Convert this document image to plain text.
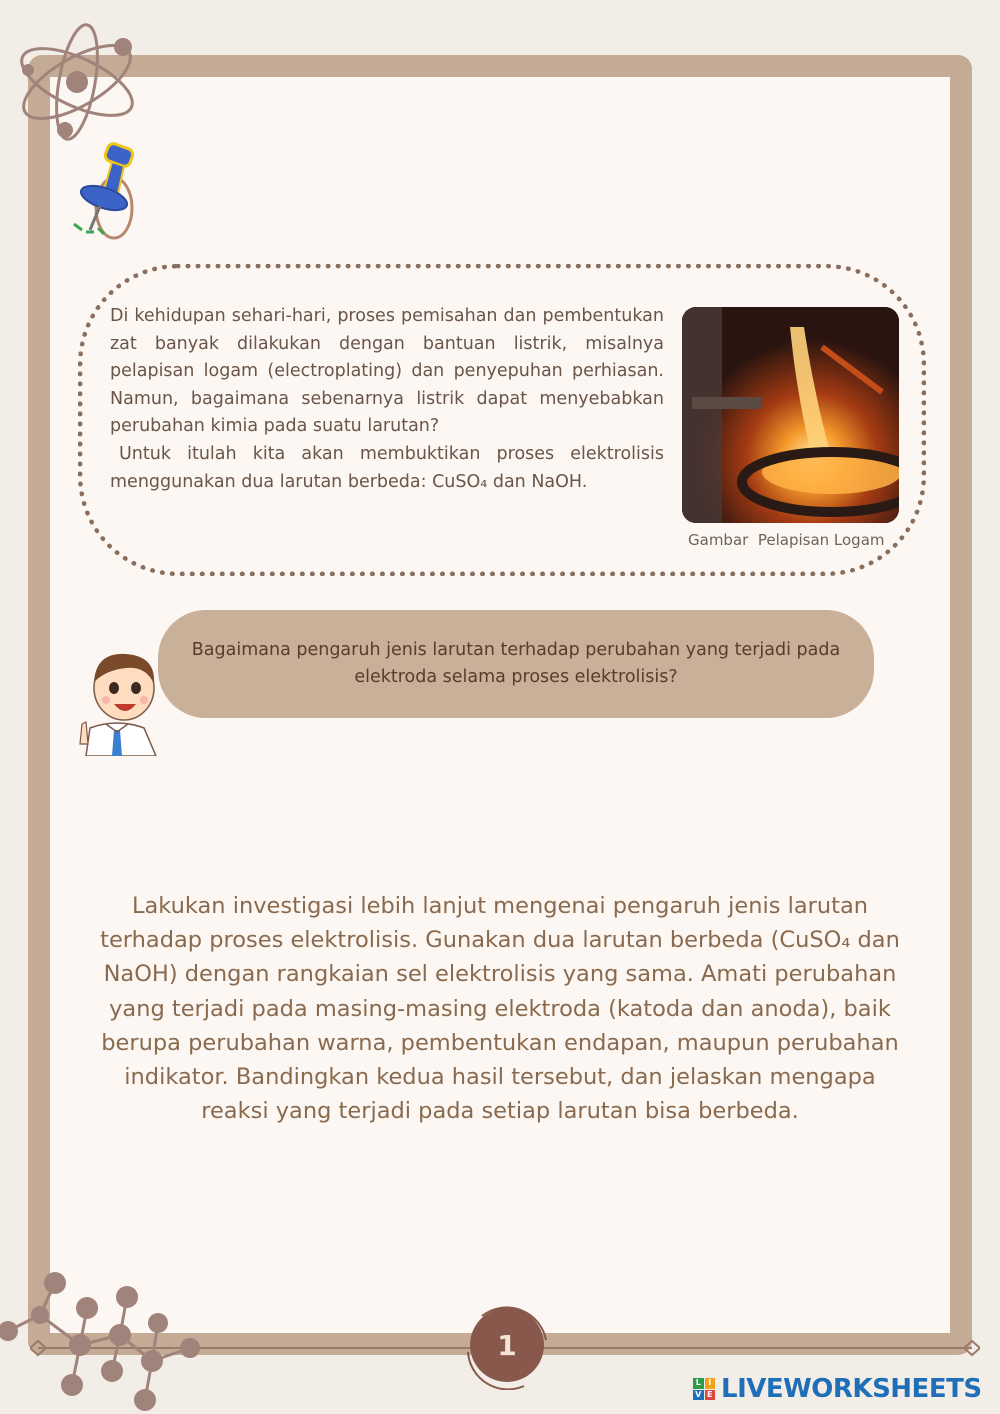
Di kehidupan sehari-hari, proses pemisahan dan pembentukan zat banyak dilakukan dengan bantuan listrik, misalnya pelapisan logam (electroplating) dan penyepuhan perhiasan. Namun, bagaimana sebenarnya listrik dapat menyebabkan perubahan kimia pada suatu larutan?

Untuk itulah kita akan membuktikan proses elektrolisis menggunakan dua larutan berbeda: CuSO₄ dan NaOH.

Gambar  Pelapisan Logam
Bagaimana pengaruh jenis larutan terhadap perubahan yang terjadi pada elektroda selama proses elektrolisis?
Lakukan investigasi lebih lanjut mengenai pengaruh jenis larutan terhadap proses elektrolisis. Gunakan dua larutan berbeda (CuSO₄ dan NaOH) dengan rangkaian sel elektrolisis yang sama. Amati perubahan yang terjadi pada masing-masing elektroda (katoda dan anoda), baik berupa perubahan warna, pembentukan endapan, maupun perubahan indikator. Bandingkan kedua hasil tersebut, dan jelaskan mengapa reaksi yang terjadi pada setiap larutan bisa berbeda.
1
L I
V E LIVEWORKSHEETS
